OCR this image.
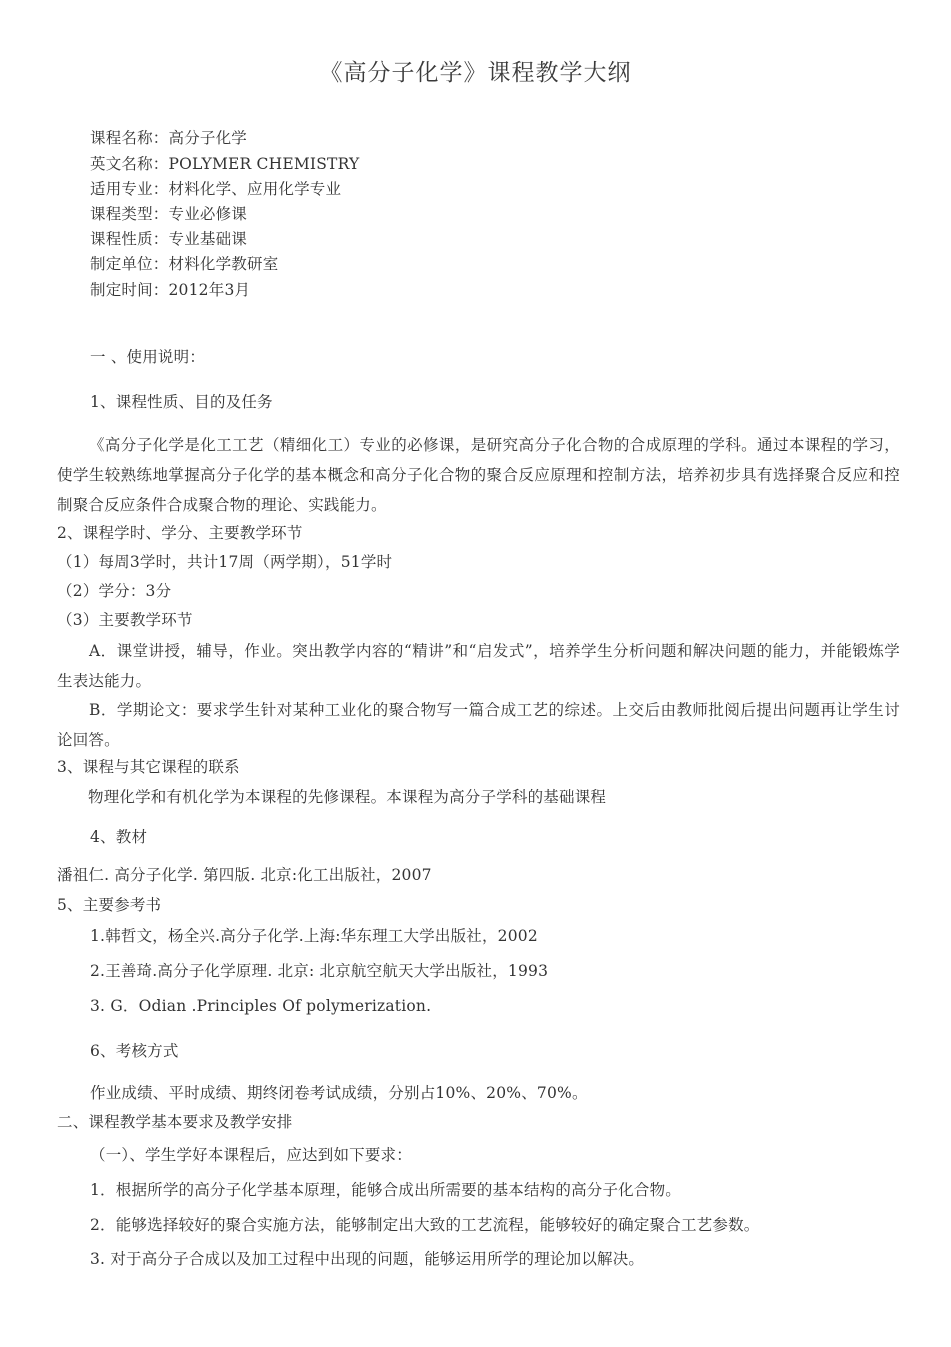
《高分子化学》课程教学大纲
课程名称：高分子化学
英文名称：POLYMER CHEMISTRY
适用专业：材料化学、应用化学专业
课程类型：专业必修课
课程性质：专业基础课
制定单位：材料化学教研室
制定时间：2012年3月
一 、使用说明：
1、课程性质、目的及任务
《高分子化学是化工工艺（精细化工）专业的必修课，是研究高分子化合物的合成原理的学科。通过本课程的学习，使学生较熟练地掌握高分子化学的基本概念和高分子化合物的聚合反应原理和控制方法，培养初步具有选择聚合反应和控制聚合反应条件合成聚合物的理论、实践能力。
2、课程学时、学分、主要教学环节
（1）每周3学时，共计17周（两学期），51学时
（2）学分：3分
（3）主要教学环节
A．课堂讲授，辅导，作业。突出教学内容的“精讲”和“启发式”，培养学生分析问题和解决问题的能力，并能锻炼学生表达能力。
B．学期论文：要求学生针对某种工业化的聚合物写一篇合成工艺的综述。上交后由教师批阅后提出问题再让学生讨论回答。
3、课程与其它课程的联系
物理化学和有机化学为本课程的先修课程。本课程为高分子学科的基础课程
4、教材
潘祖仁. 高分子化学. 第四版. 北京:化工出版社，2007
5、主要参考书
1.韩哲文，杨全兴.高分子化学.上海:华东理工大学出版社，2002
2.王善琦.高分子化学原理. 北京: 北京航空航天大学出版社，1993
3. G．Odian .Principles Of polymerization.
6、考核方式
作业成绩、平时成绩、期终闭卷考试成绩，分别占10%、20%、70%。
二、课程教学基本要求及教学安排
（一）、学生学好本课程后，应达到如下要求：
1．根据所学的高分子化学基本原理，能够合成出所需要的基本结构的高分子化合物。
2．能够选择较好的聚合实施方法，能够制定出大致的工艺流程，能够较好的确定聚合工艺参数。
3. 对于高分子合成以及加工过程中出现的问题，能够运用所学的理论加以解决。
